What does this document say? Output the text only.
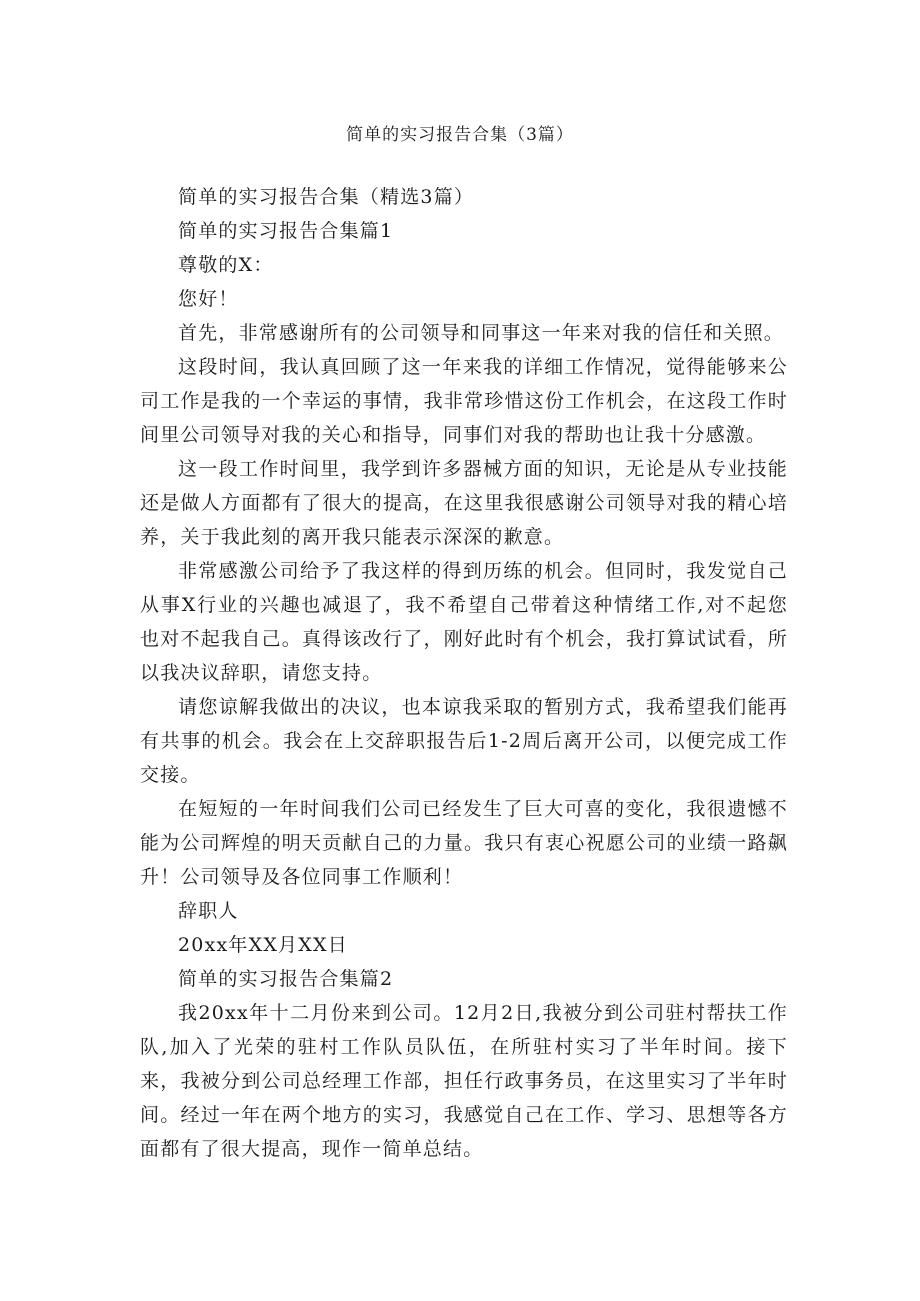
简单的实习报告合集（3篇）

简单的实习报告合集（精选3篇）

简单的实习报告合集篇1

尊敬的X：

您好！

首先，非常感谢所有的公司领导和同事这一年来对我的信任和关照。

这段时间，我认真回顾了这一年来我的详细工作情况，觉得能够来公司工作是我的一个幸运的事情，我非常珍惜这份工作机会，在这段工作时间里公司领导对我的关心和指导，同事们对我的帮助也让我十分感激。

这一段工作时间里，我学到许多器械方面的知识，无论是从专业技能还是做人方面都有了很大的提高，在这里我很感谢公司领导对我的精心培养，关于我此刻的离开我只能表示深深的歉意。

非常感激公司给予了我这样的得到历练的机会。但同时，我发觉自己从事X行业的兴趣也减退了，我不希望自己带着这种情绪工作,对不起您也对不起我自己。真得该改行了，刚好此时有个机会，我打算试试看，所以我决议辞职，请您支持。

请您谅解我做出的决议，也本谅我采取的暂别方式，我希望我们能再有共事的机会。我会在上交辞职报告后1-2周后离开公司，以便完成工作交接。

在短短的一年时间我们公司已经发生了巨大可喜的变化，我很遗憾不能为公司辉煌的明天贡献自己的力量。我只有衷心祝愿公司的业绩一路飙升！公司领导及各位同事工作顺利！

辞职人

20xx年XX月XX日

简单的实习报告合集篇2

我20xx年十二月份来到公司。12月2日,我被分到公司驻村帮扶工作队,加入了光荣的驻村工作队员队伍，在所驻村实习了半年时间。接下来，我被分到公司总经理工作部，担任行政事务员，在这里实习了半年时间。经过一年在两个地方的实习，我感觉自己在工作、学习、思想等各方面都有了很大提高，现作一简单总结。
